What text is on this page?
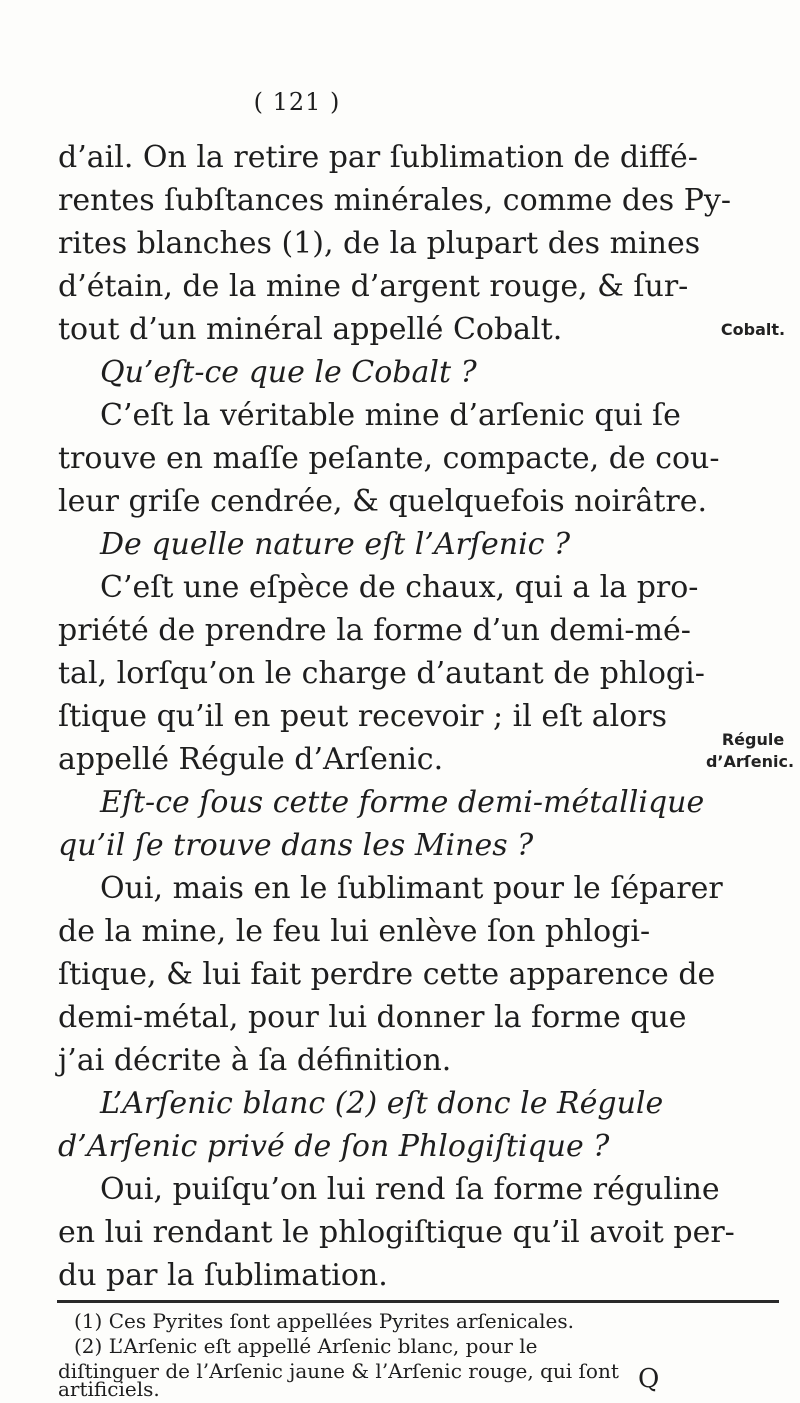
( 121 )
d’ail. On la retire par ſublimation de diffé-
rentes ſubſtances minérales, comme des Py-
rites blanches (1), de la plupart des mines
d’étain, de la mine d’argent rouge, & ſur-
tout d’un minéral appellé Cobalt.
Qu’eſt-ce que le Cobalt ?
C’eſt la véritable mine d’arſenic qui ſe
trouve en maſſe peſante, compacte, de cou-
leur griſe cendrée, & quelquefois noirâtre.
De quelle nature eſt l’Arſenic ?
C’eſt une eſpèce de chaux, qui a la pro-
priété de prendre la forme d’un demi-mé-
tal, lorſqu’on le charge d’autant de phlogi-
ſtique qu’il en peut recevoir ; il eſt alors
appellé Régule d’Arſenic.
Eſt-ce ſous cette forme demi-métallique
qu’il ſe trouve dans les Mines ?
Oui, mais en le ſublimant pour le ſéparer
de la mine, le feu lui enlève ſon phlogi-
ſtique, & lui fait perdre cette apparence de
demi-métal, pour lui donner la forme que
j’ai décrite à ſa définition.
L’Arſenic blanc (2) eſt donc le Régule
d’Arſenic privé de ſon Phlogiſtique ?
Oui, puiſqu’on lui rend ſa forme réguline
en lui rendant le phlogiſtique qu’il avoit per-
du par la ſublimation.
Cobalt.
Régule
d’Arſenic.
(1) Ces Pyrites ſont appellées Pyrites arſenicales.
(2) L’Arſenic eſt appellé Arſenic blanc, pour le
diſtinguer de l’Arſenic jaune & l’Arſenic rouge, qui ſont
artificiels.	Q
